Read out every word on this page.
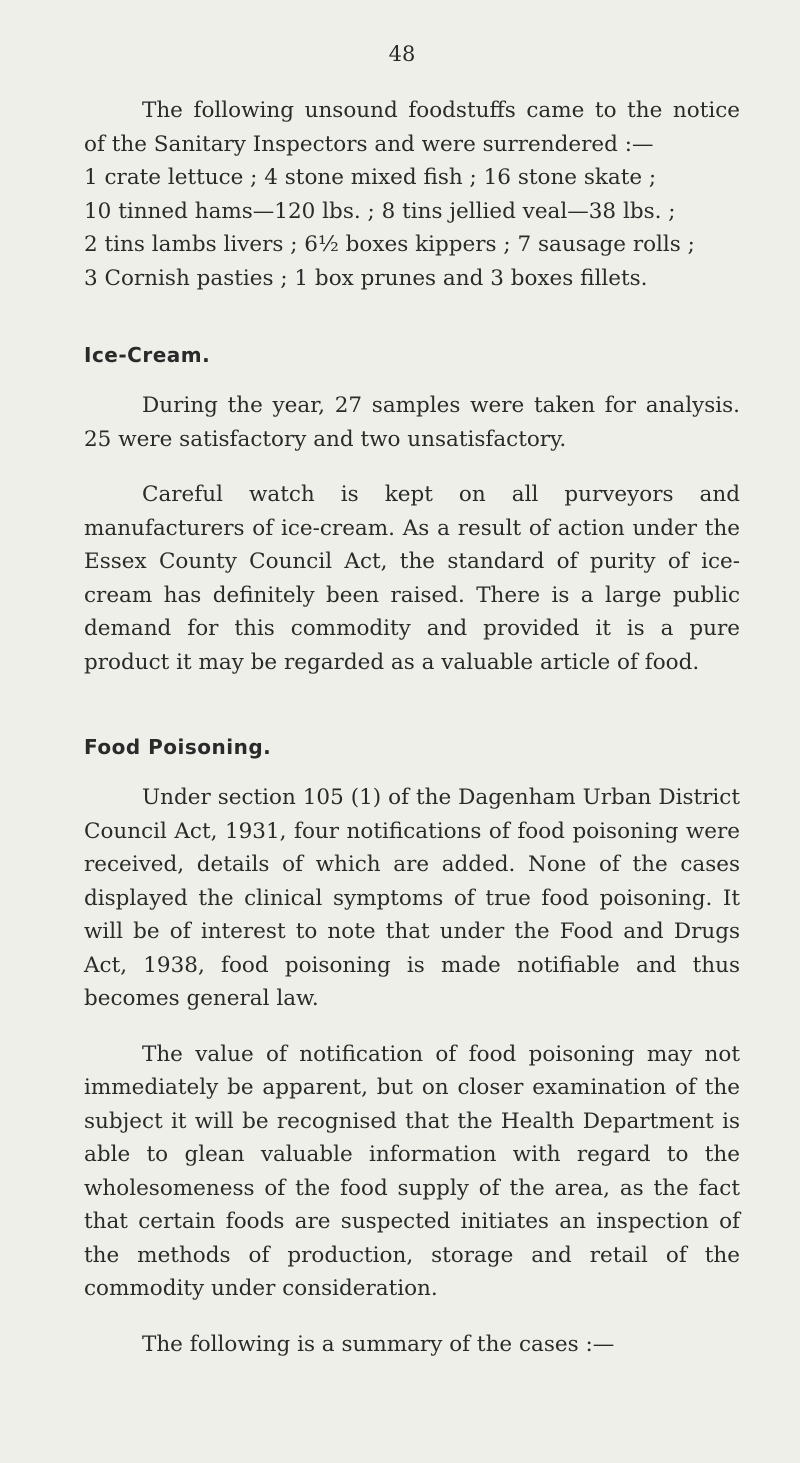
48

The following unsound foodstuffs came to the notice of the Sanitary Inspectors and were surrendered :—

1 crate lettuce ; 4 stone mixed fish ; 16 stone skate ;

10 tinned hams—120 lbs. ; 8 tins jellied veal—38 lbs. ;

2 tins lambs livers ; 6½ boxes kippers ; 7 sausage rolls ;

3 Cornish pasties ; 1 box prunes and 3 boxes fillets.

Ice-Cream.

During the year, 27 samples were taken for analysis. 25 were satisfactory and two unsatisfactory.

Careful watch is kept on all purveyors and manufacturers of ice-cream. As a result of action under the Essex County Council Act, the standard of purity of ice-cream has definitely been raised. There is a large public demand for this commodity and provided it is a pure product it may be regarded as a valuable article of food.

Food Poisoning.

Under section 105 (1) of the Dagenham Urban District Council Act, 1931, four notifications of food poisoning were received, details of which are added. None of the cases displayed the clinical symptoms of true food poisoning. It will be of interest to note that under the Food and Drugs Act, 1938, food poisoning is made notifiable and thus becomes general law.

The value of notification of food poisoning may not immediately be apparent, but on closer examination of the subject it will be recognised that the Health Department is able to glean valuable information with regard to the wholesomeness of the food supply of the area, as the fact that certain foods are suspected initiates an inspection of the methods of production, storage and retail of the commodity under consideration.

The following is a summary of the cases :—
